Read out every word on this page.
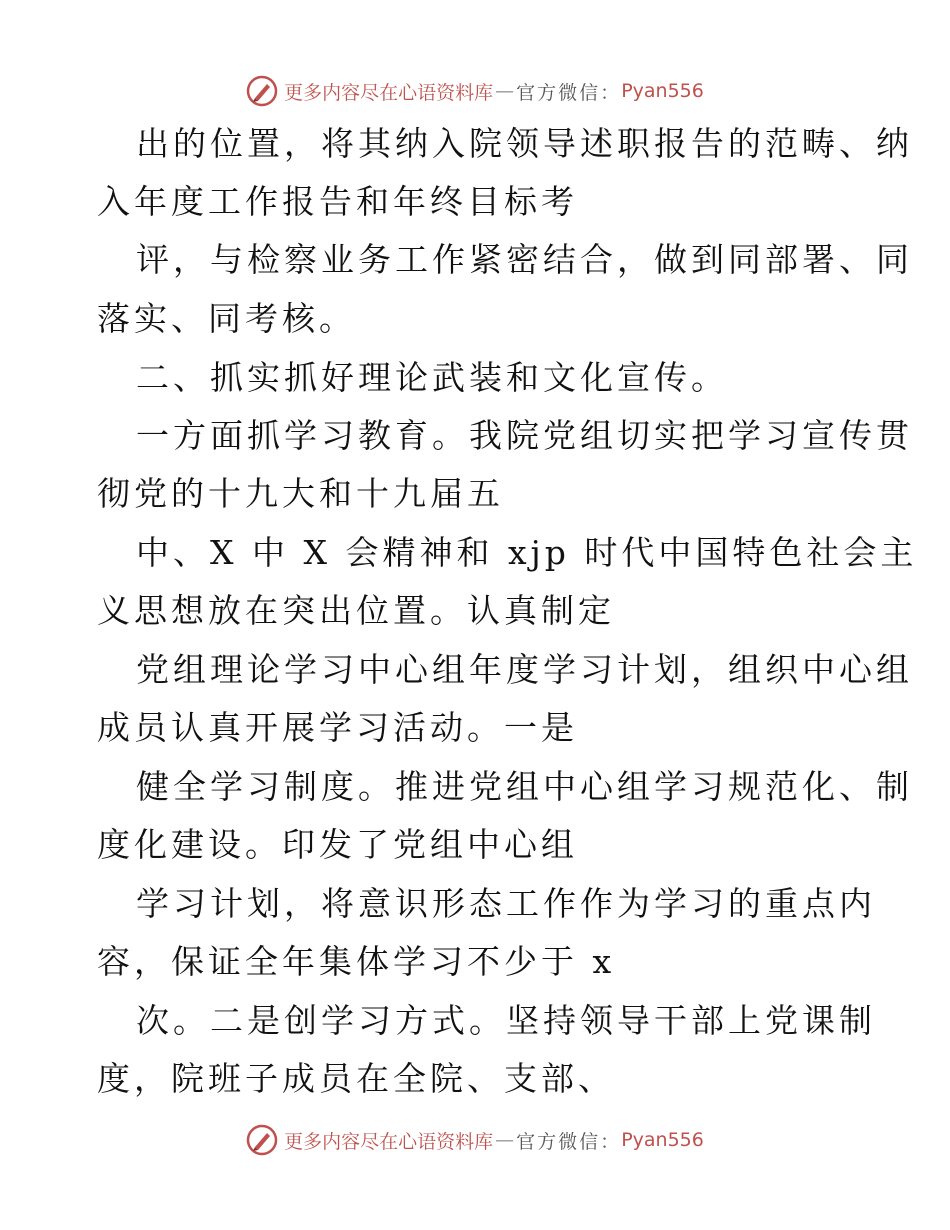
更多内容尽在心语资料库 — 官方微信： Pyan556
出的位置，将其纳入院领导述职报告的范畴、纳
入年度工作报告和年终目标考
评，与检察业务工作紧密结合，做到同部署、同
落实、同考核。
二、抓实抓好理论武装和文化宣传。
一方面抓学习教育。我院党组切实把学习宣传贯
彻党的十九大和十九届五
中、X 中 X 会精神和 xjp 时代中国特色社会主
义思想放在突出位置。认真制定
党组理论学习中心组年度学习计划，组织中心组
成员认真开展学习活动。一是
健全学习制度。推进党组中心组学习规范化、制
度化建设。印发了党组中心组
学习计划，将意识形态工作作为学习的重点内
容，保证全年集体学习不少于 x
次。二是创学习方式。坚持领导干部上党课制
度，院班子成员在全院、支部、
更多内容尽在心语资料库 — 官方微信： Pyan556
